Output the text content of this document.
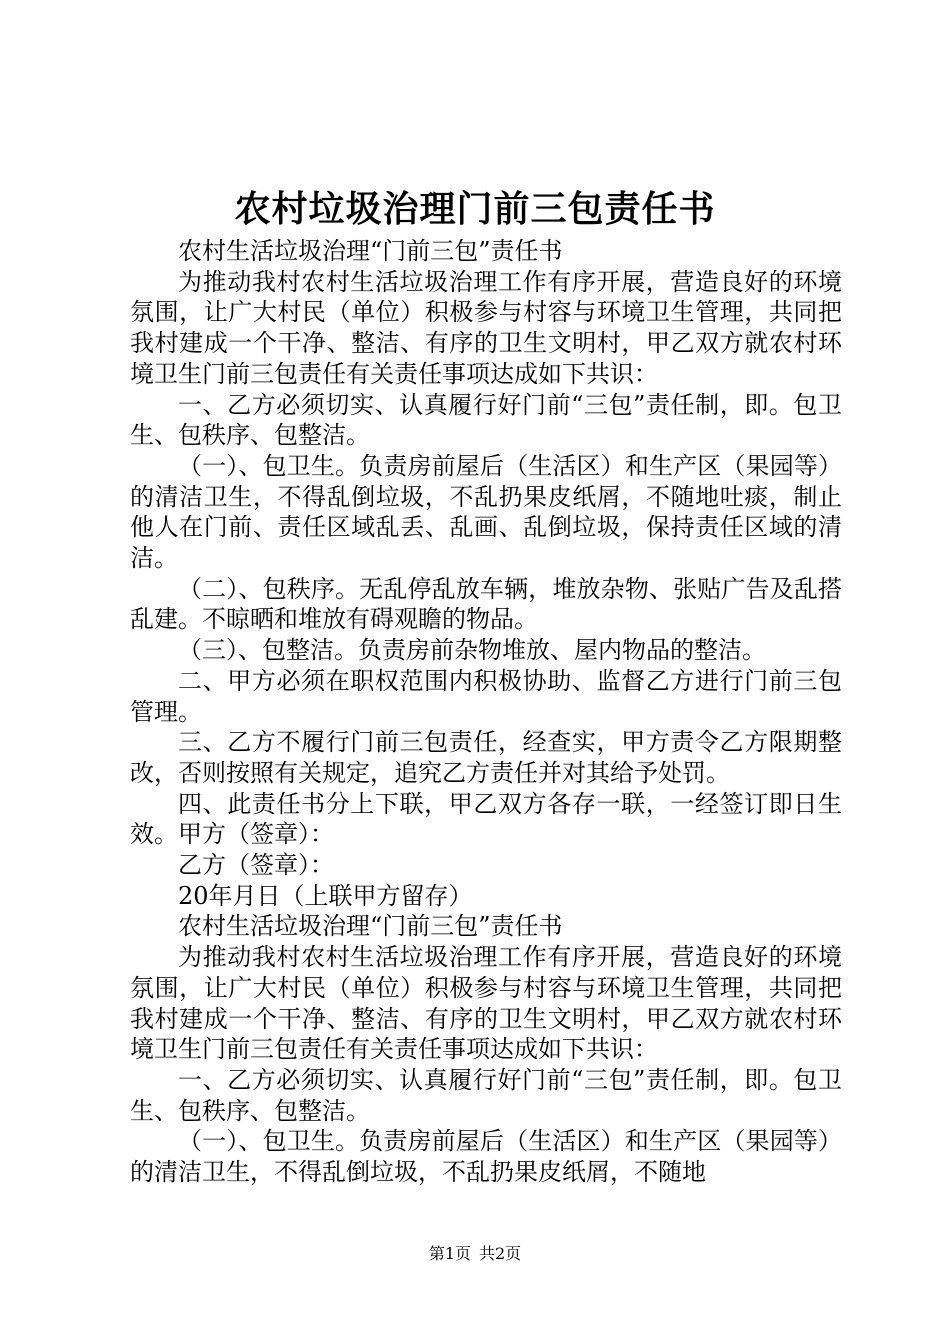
农村垃圾治理门前三包责任书

农村生活垃圾治理“门前三包”责任书

为推动我村农村生活垃圾治理工作有序开展，营造良好的环境氛围，让广大村民（单位）积极参与村容与环境卫生管理，共同把我村建成一个干净、整洁、有序的卫生文明村，甲乙双方就农村环境卫生门前三包责任有关责任事项达成如下共识：

一、乙方必须切实、认真履行好门前“三包”责任制，即。包卫生、包秩序、包整洁。

（一）、包卫生。负责房前屋后（生活区）和生产区（果园等）的清洁卫生，不得乱倒垃圾，不乱扔果皮纸屑，不随地吐痰，制止他人在门前、责任区域乱丢、乱画、乱倒垃圾，保持责任区域的清洁。

（二）、包秩序。无乱停乱放车辆，堆放杂物、张贴广告及乱搭乱建。不晾晒和堆放有碍观瞻的物品。

（三）、包整洁。负责房前杂物堆放、屋内物品的整洁。

二、甲方必须在职权范围内积极协助、监督乙方进行门前三包管理。

三、乙方不履行门前三包责任，经查实，甲方责令乙方限期整改，否则按照有关规定，追究乙方责任并对其给予处罚。

四、此责任书分上下联，甲乙双方各存一联，一经签订即日生效。甲方（签章）：

乙方（签章）：

20年月日（上联甲方留存）

农村生活垃圾治理“门前三包”责任书

为推动我村农村生活垃圾治理工作有序开展，营造良好的环境氛围，让广大村民（单位）积极参与村容与环境卫生管理，共同把我村建成一个干净、整洁、有序的卫生文明村，甲乙双方就农村环境卫生门前三包责任有关责任事项达成如下共识：

一、乙方必须切实、认真履行好门前“三包”责任制，即。包卫生、包秩序、包整洁。

（一）、包卫生。负责房前屋后（生活区）和生产区（果园等）的清洁卫生，不得乱倒垃圾，不乱扔果皮纸屑，不随地

第1页 共2页
